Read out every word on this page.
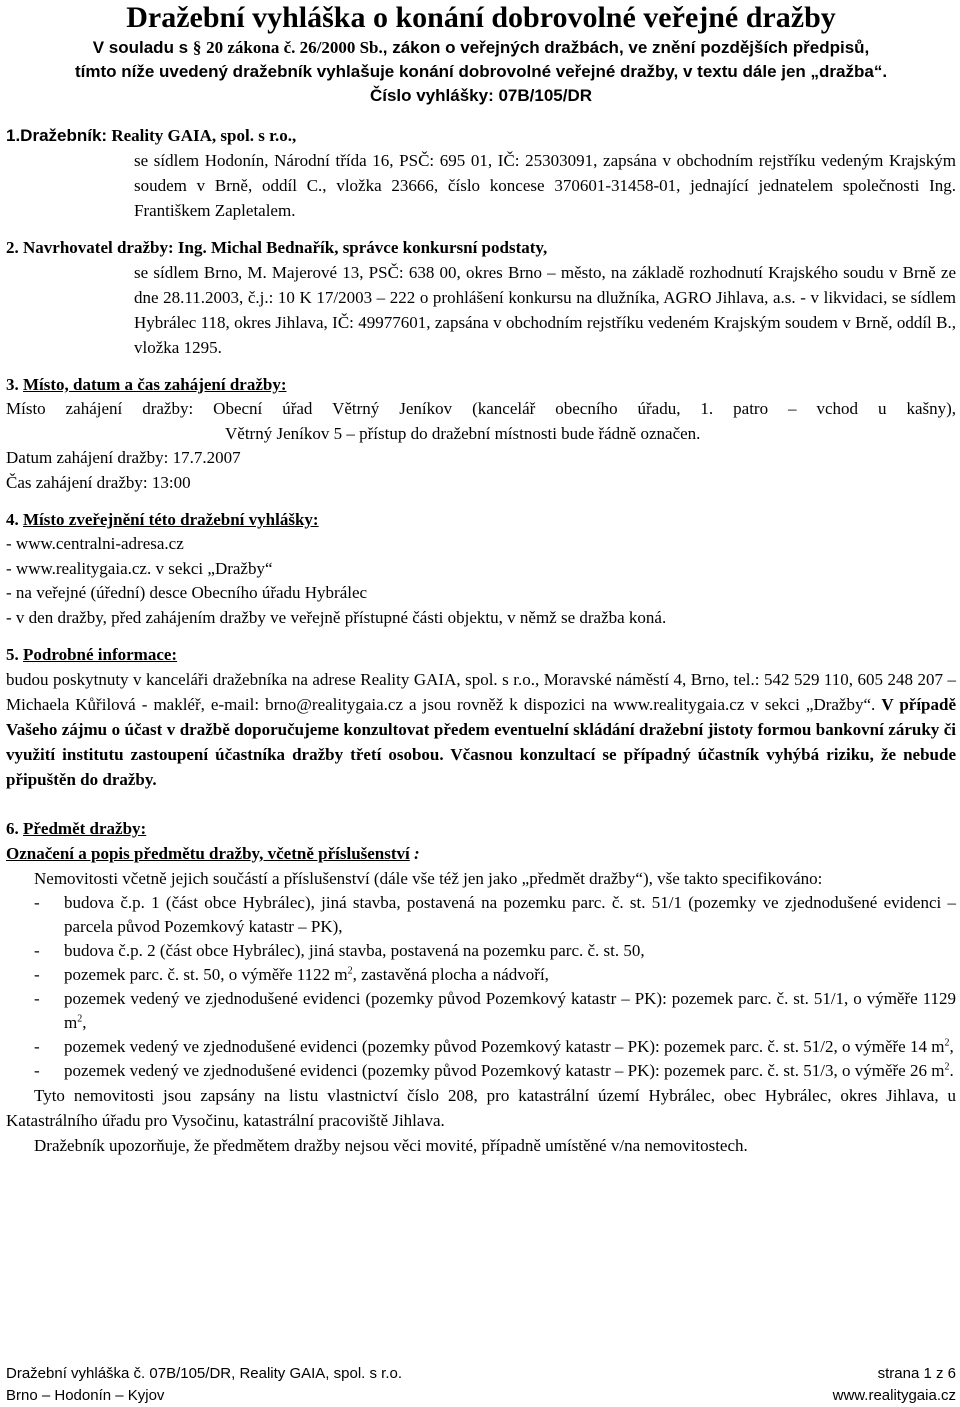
Dražební vyhláška o konání dobrovolné veřejné dražby
V souladu s § 20 zákona č. 26/2000 Sb., zákon o veřejných dražbách, ve znění pozdějších předpisů,
tímto níže uvedený dražebník vyhlašuje konání dobrovolné veřejné dražby, v textu dále jen „dražba“.
Číslo vyhlášky: 07B/105/DR
1.Dražebník: Reality GAIA, spol. s r.o.,
se sídlem Hodonín, Národní třída 16, PSČ: 695 01, IČ: 25303091, zapsána v obchodním rejstříku vedeným Krajským soudem v Brně, oddíl C., vložka 23666, číslo koncese 370601-31458-01, jednající jednatelem společnosti Ing. Františkem Zapletalem.
2. Navrhovatel dražby: Ing. Michal Bednařík, správce konkursní podstaty,
se sídlem Brno, M. Majerové 13, PSČ: 638 00, okres Brno – město, na základě rozhodnutí Krajského soudu v Brně ze dne 28.11.2003, č.j.: 10 K 17/2003 – 222 o prohlášení konkursu na dlužníka, AGRO Jihlava, a.s. - v likvidaci, se sídlem Hybrálec 118, okres Jihlava, IČ: 49977601, zapsána v obchodním rejstříku vedeném Krajským soudem v Brně, oddíl B., vložka 1295.
3. Místo, datum a čas zahájení dražby:
Místo zahájení dražby: Obecní úřad Větrný Jeníkov (kancelář obecního úřadu, 1. patro – vchod u kašny),
Větrný Jeníkov 5 – přístup do dražební místnosti bude řádně označen.
Datum zahájení dražby: 17.7.2007
Čas zahájení dražby: 13:00
4. Místo zveřejnění této dražební vyhlášky:
- www.centralni-adresa.cz
- www.realitygaia.cz. v sekci „Dražby“
- na veřejné (úřední) desce Obecního úřadu Hybrálec
- v den dražby, před zahájením dražby ve veřejně přístupné části objektu, v němž se dražba koná.
5. Podrobné informace:
budou poskytnuty v kanceláři dražebníka na adrese Reality GAIA, spol. s r.o., Moravské náměstí 4, Brno, tel.: 542 529 110, 605 248 207 – Michaela Kůřilová - makléř, e-mail: brno@realitygaia.cz a jsou rovněž k dispozici na www.realitygaia.cz v sekci „Dražby“. V případě Vašeho zájmu o účast v dražbě doporučujeme konzultovat předem eventuelní skládání dražební jistoty formou bankovní záruky či využití institutu zastoupení účastníka dražby třetí osobou. Včasnou konzultací se případný účastník vyhýbá riziku, že nebude připuštěn do dražby.
6. Předmět dražby:
Označení a popis předmětu dražby, včetně příslušenství :
Nemovitosti včetně jejich součástí a příslušenství (dále vše též jen jako „předmět dražby“), vše takto specifikováno:
- budova č.p. 1 (část obce Hybrálec), jiná stavba, postavená na pozemku parc. č. st. 51/1 (pozemky ve zjednodušené evidenci – parcela původ Pozemkový katastr – PK),
- budova č.p. 2 (část obce Hybrálec), jiná stavba, postavená na pozemku parc. č. st. 50,
- pozemek parc. č. st. 50, o výměře 1122 $m^2$, zastavěná plocha a nádvoří,
- pozemek vedený ve zjednodušené evidenci (pozemky původ Pozemkový katastr – PK): pozemek parc. č. st. 51/1, o výměře 1129 $m^2$,
- pozemek vedený ve zjednodušené evidenci (pozemky původ Pozemkový katastr – PK): pozemek parc. č. st. 51/2, o výměře 14 $m^2$,
- pozemek vedený ve zjednodušené evidenci (pozemky původ Pozemkový katastr – PK): pozemek parc. č. st. 51/3, o výměře 26 $m^2$.
Tyto nemovitosti jsou zapsány na listu vlastnictví číslo 208, pro katastrální území Hybrálec, obec Hybrálec, okres Jihlava, u Katastrálního úřadu pro Vysočinu, katastrální pracoviště Jihlava.
Dražebník upozorňuje, že předmětem dražby nejsou věci movité, případně umístěné v/na nemovitostech.
Dražební vyhláška č. 07B/105/DR, Reality GAIA, spol. s r.o.	strana 1 z 6
Brno – Hodonín – Kyjov	www.realitygaia.cz
